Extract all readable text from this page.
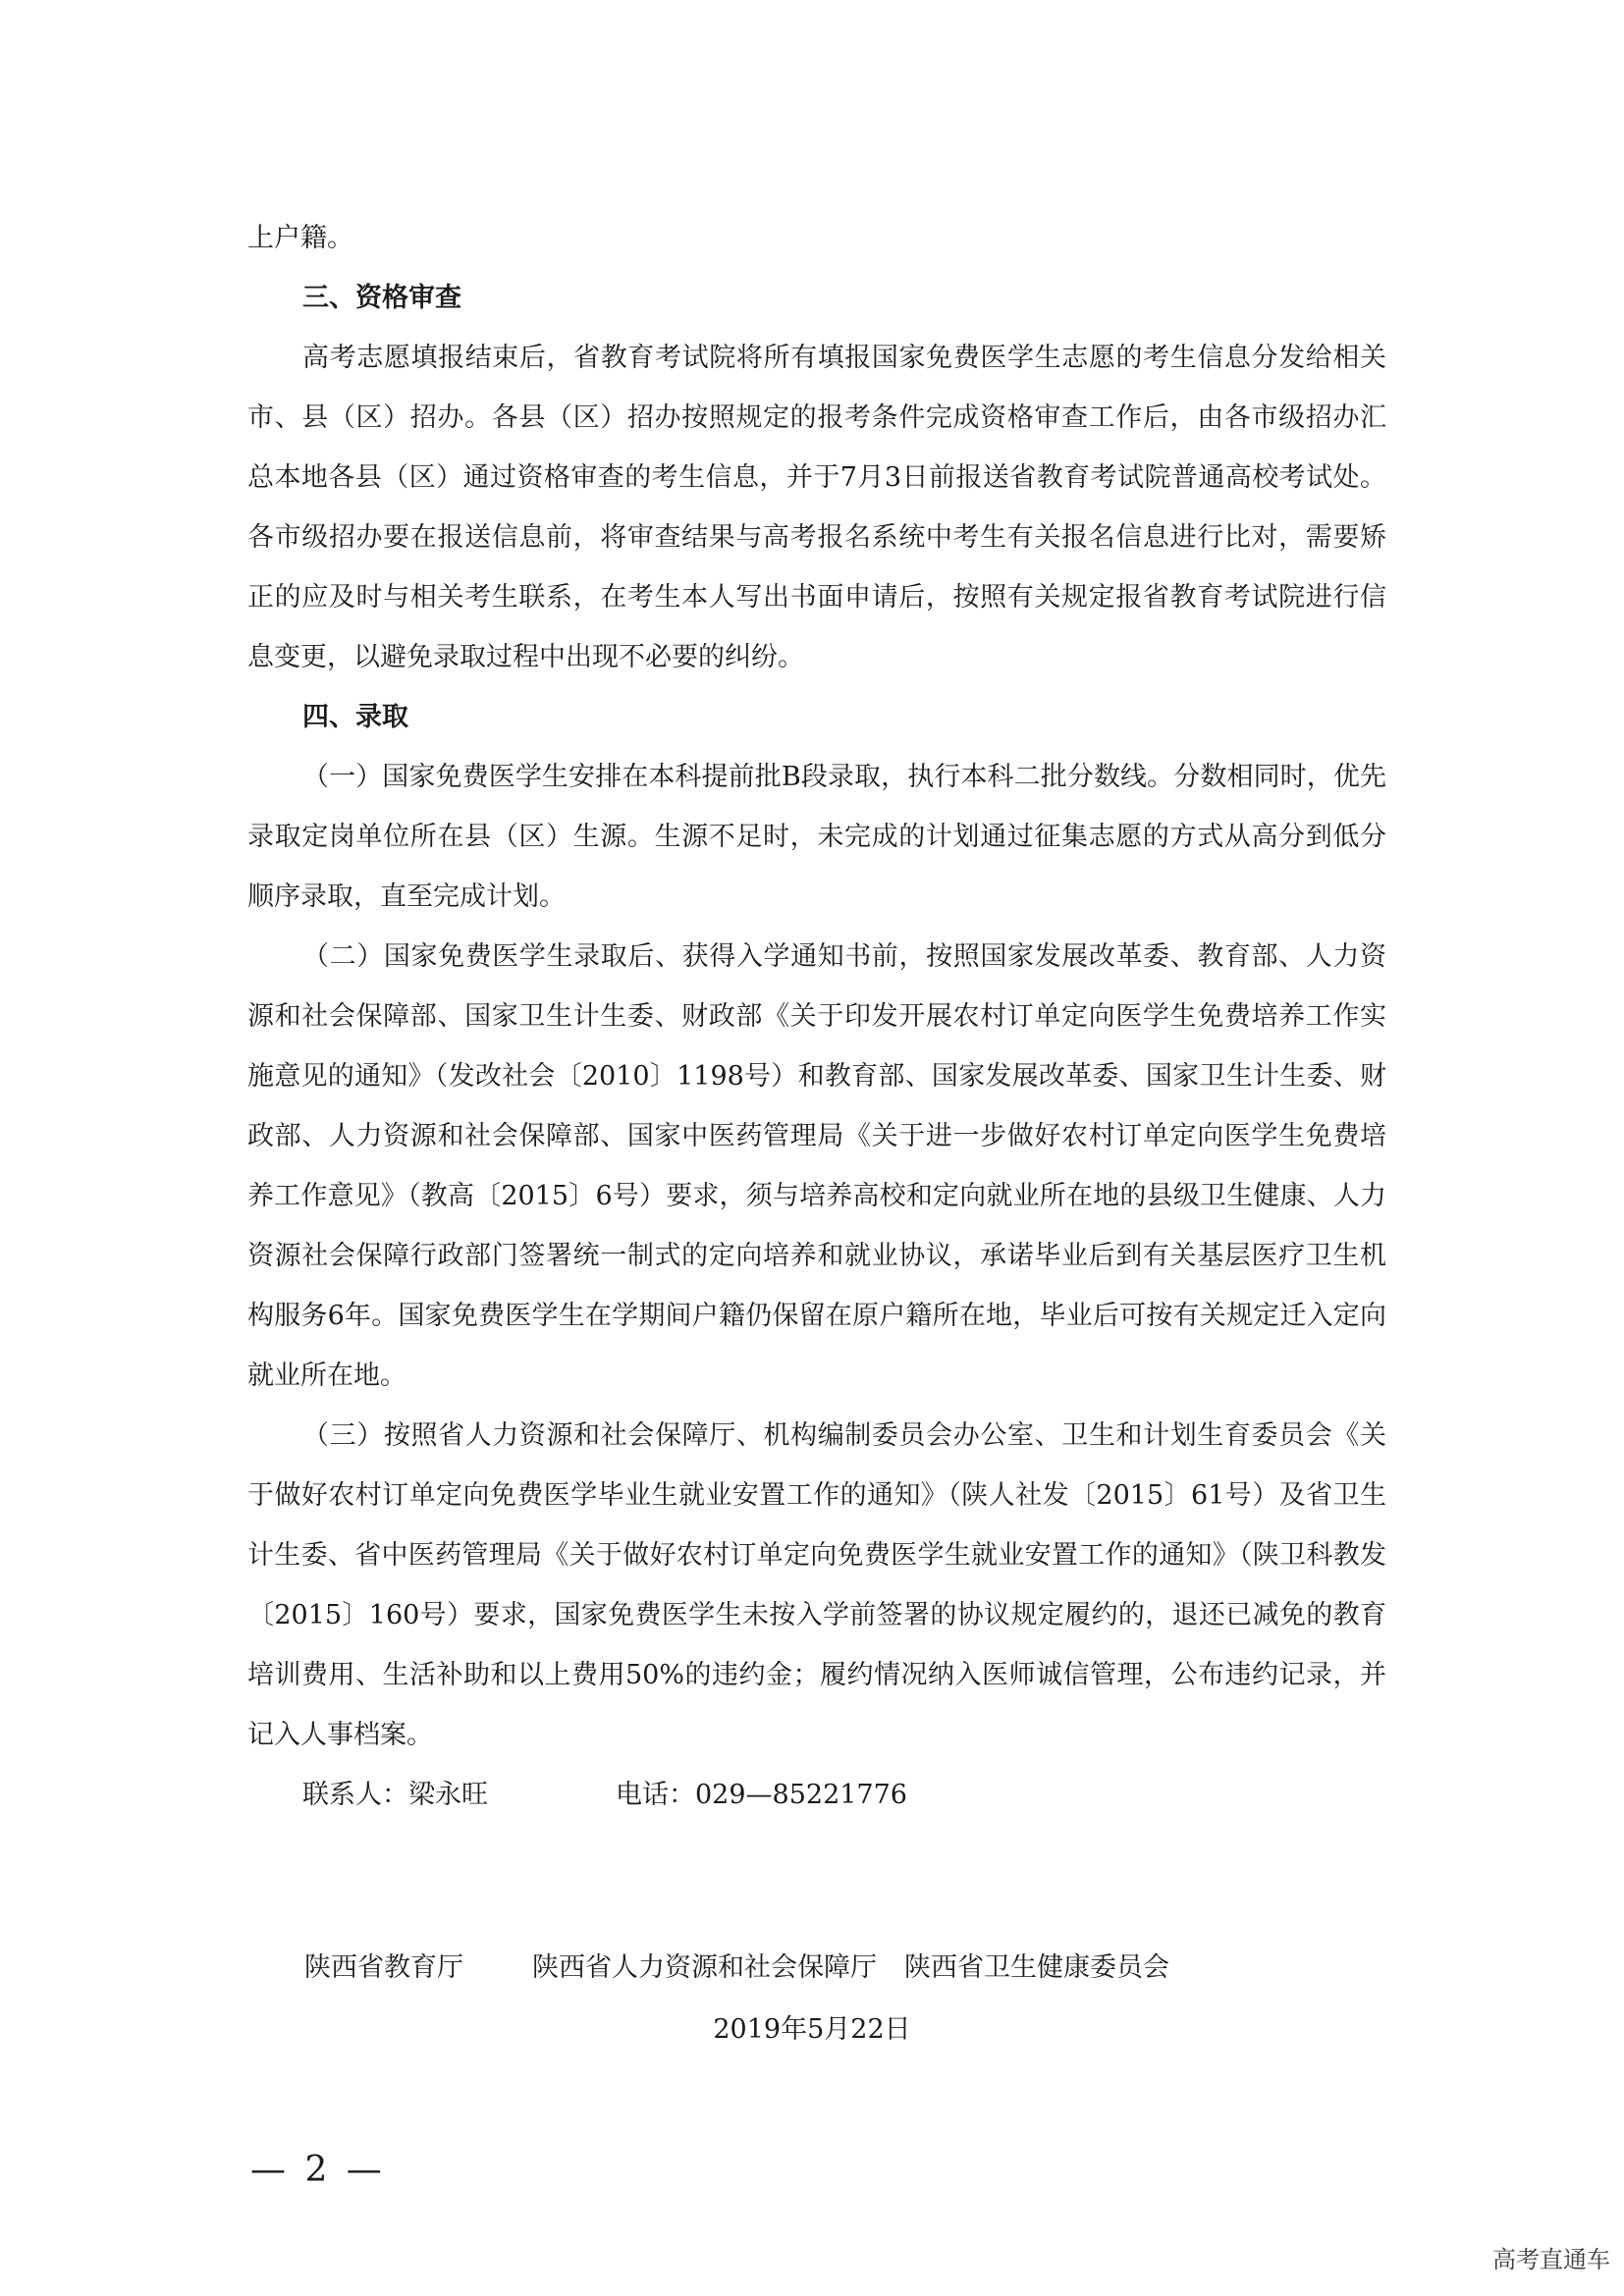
上户籍。

三、资格审查

高考志愿填报结束后，省教育考试院将所有填报国家免费医学生志愿的考生信息分发给相关市、县（区）招办。各县（区）招办按照规定的报考条件完成资格审查工作后，由各市级招办汇总本地各县（区）通过资格审查的考生信息，并于7月3日前报送省教育考试院普通高校考试处。各市级招办要在报送信息前，将审查结果与高考报名系统中考生有关报名信息进行比对，需要矫正的应及时与相关考生联系，在考生本人写出书面申请后，按照有关规定报省教育考试院进行信息变更，以避免录取过程中出现不必要的纠纷。

四、录取

（一）国家免费医学生安排在本科提前批B段录取，执行本科二批分数线。分数相同时，优先录取定岗单位所在县（区）生源。生源不足时，未完成的计划通过征集志愿的方式从高分到低分顺序录取，直至完成计划。

（二）国家免费医学生录取后、获得入学通知书前，按照国家发展改革委、教育部、人力资源和社会保障部、国家卫生计生委、财政部《关于印发开展农村订单定向医学生免费培养工作实施意见的通知》（发改社会〔2010〕1198号）和教育部、国家发展改革委、国家卫生计生委、财政部、人力资源和社会保障部、国家中医药管理局《关于进一步做好农村订单定向医学生免费培养工作意见》（教高〔2015〕6号）要求，须与培养高校和定向就业所在地的县级卫生健康、人力资源社会保障行政部门签署统一制式的定向培养和就业协议，承诺毕业后到有关基层医疗卫生机构服务6年。国家免费医学生在学期间户籍仍保留在原户籍所在地，毕业后可按有关规定迁入定向就业所在地。

（三）按照省人力资源和社会保障厅、机构编制委员会办公室、卫生和计划生育委员会《关于做好农村订单定向免费医学毕业生就业安置工作的通知》（陕人社发〔2015〕61号）及省卫生计生委、省中医药管理局《关于做好农村订单定向免费医学生就业安置工作的通知》（陕卫科教发〔2015〕160号）要求，国家免费医学生未按入学前签署的协议规定履约的，退还已减免的教育培训费用、生活补助和以上费用50%的违约金；履约情况纳入医师诚信管理，公布违约记录，并记入人事档案。

联系人：梁永旺	电话：029—85221776

陕西省教育厅	陕西省人力资源和社会保障厅 陕西省卫生健康委员会
2019年5月22日
— 2 —
高考直通车
